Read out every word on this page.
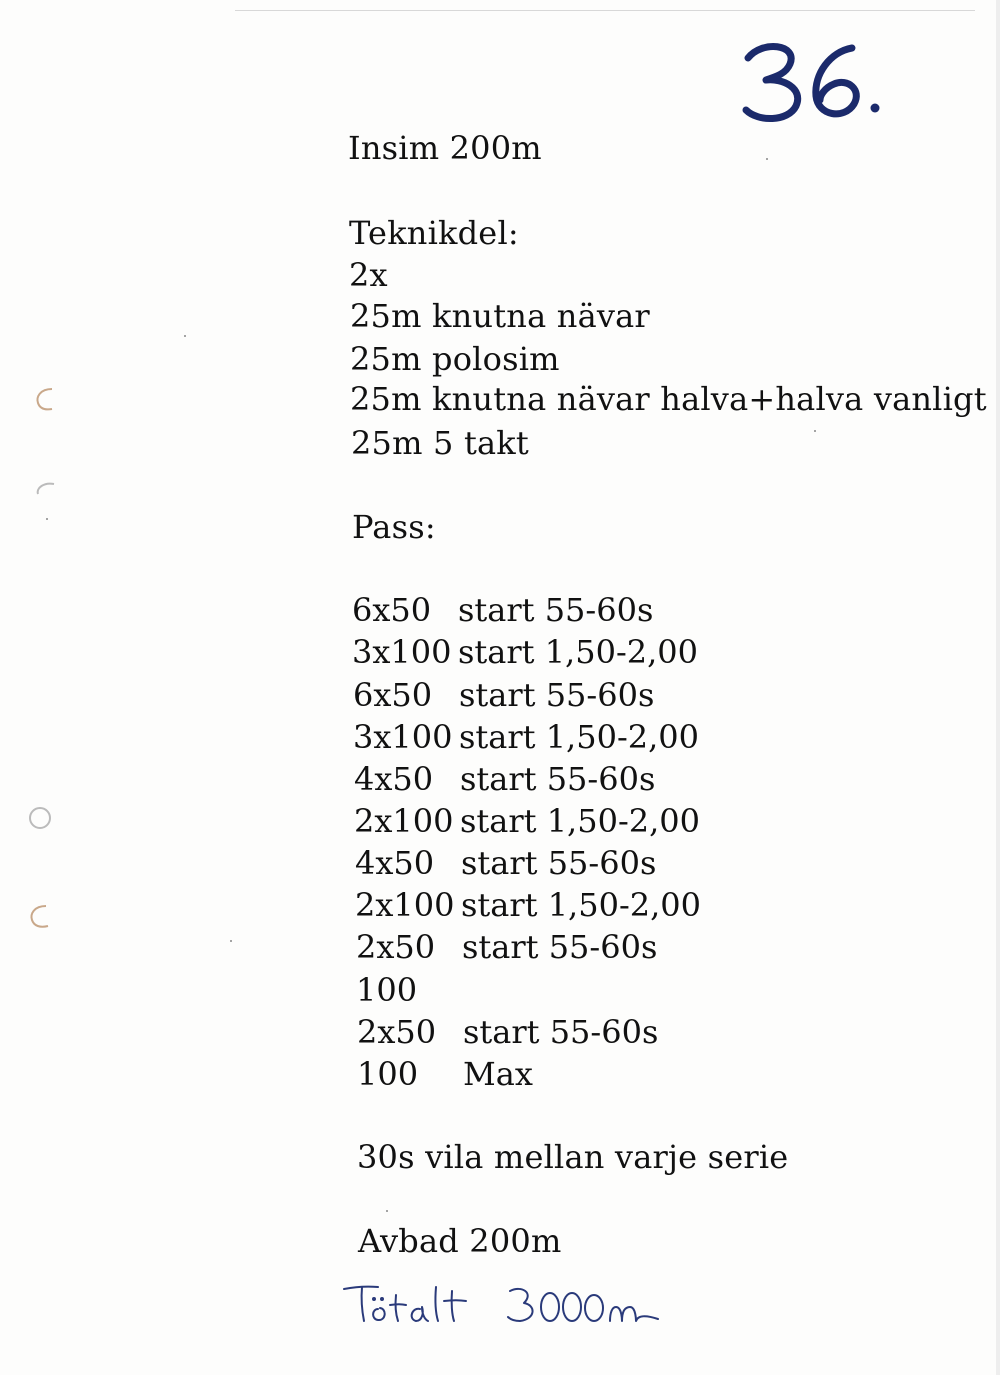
Insim 200m
Teknikdel:
2x
25m knutna nävar
25m polosim
25m knutna nävar halva+halva vanligt
25m 5 takt
Pass:
6x50 start 55-60s
3x100 start 1,50-2,00
6x50 start 55-60s
3x100 start 1,50-2,00
4x50 start 55-60s
2x100 start 1,50-2,00
4x50 start 55-60s
2x100 start 1,50-2,00
2x50 start 55-60s
100
2x50 start 55-60s
100 Max
30s vila mellan varje serie
Avbad 200m
